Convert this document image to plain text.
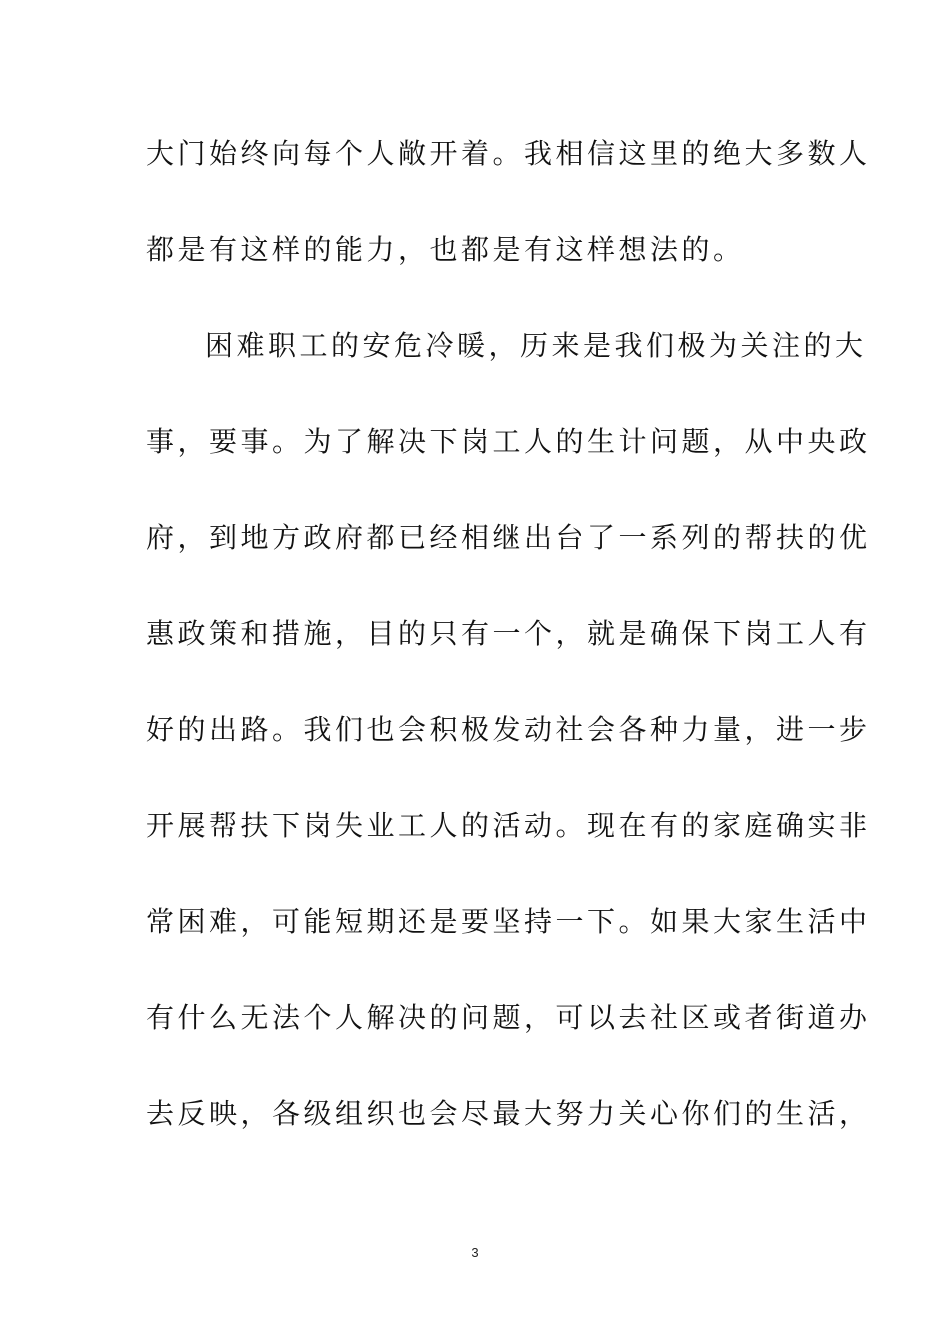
大门始终向每个人敞开着。我相信这里的绝大多数人
都是有这样的能力，也都是有这样想法的。
困难职工的安危冷暖，历来是我们极为关注的大
事，要事。为了解决下岗工人的生计问题，从中央政
府，到地方政府都已经相继出台了一系列的帮扶的优
惠政策和措施，目的只有一个，就是确保下岗工人有
好的出路。我们也会积极发动社会各种力量，进一步
开展帮扶下岗失业工人的活动。现在有的家庭确实非
常困难，可能短期还是要坚持一下。如果大家生活中
有什么无法个人解决的问题，可以去社区或者街道办
去反映，各级组织也会尽最大努力关心你们的生活，
3
